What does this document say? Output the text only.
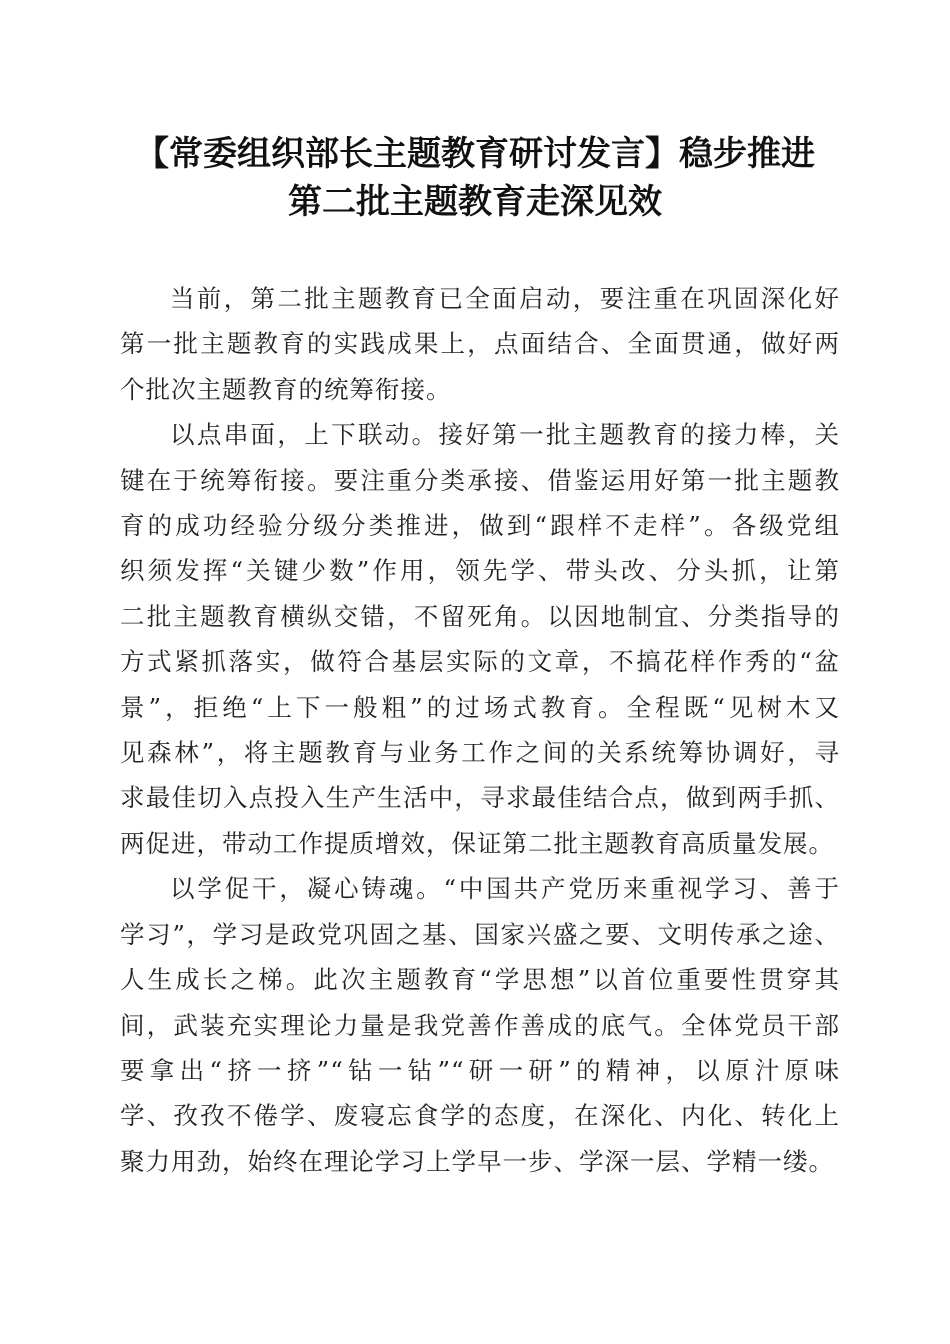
【常委组织部长主题教育研讨发言】稳步推进
第二批主题教育走深见效

当前，第二批主题教育已全面启动，要注重在巩固深化好
第一批主题教育的实践成果上，点面结合、全面贯通，做好两
个批次主题教育的统筹衔接。

以点串面，上下联动。接好第一批主题教育的接力棒，关
键在于统筹衔接。要注重分类承接、借鉴运用好第一批主题教
育的成功经验分级分类推进，做到“跟样不走样”。各级党组
织须发挥“关键少数”作用，领先学、带头改、分头抓，让第
二批主题教育横纵交错，不留死角。以因地制宜、分类指导的
方式紧抓落实，做符合基层实际的文章，不搞花样作秀的“盆
景”，拒绝“上下一般粗”的过场式教育。全程既“见树木又
见森林”，将主题教育与业务工作之间的关系统筹协调好，寻
求最佳切入点投入生产生活中，寻求最佳结合点，做到两手抓、
两促进，带动工作提质增效，保证第二批主题教育高质量发展。

以学促干，凝心铸魂。“中国共产党历来重视学习、善于
学习”，学习是政党巩固之基、国家兴盛之要、文明传承之途、
人生成长之梯。此次主题教育“学思想”以首位重要性贯穿其
间，武装充实理论力量是我党善作善成的底气。全体党员干部
要拿出“挤一挤”“钻一钻”“研一研”的精神，以原汁原味
学、孜孜不倦学、废寝忘食学的态度，在深化、内化、转化上
聚力用劲，始终在理论学习上学早一步、学深一层、学精一缕。
